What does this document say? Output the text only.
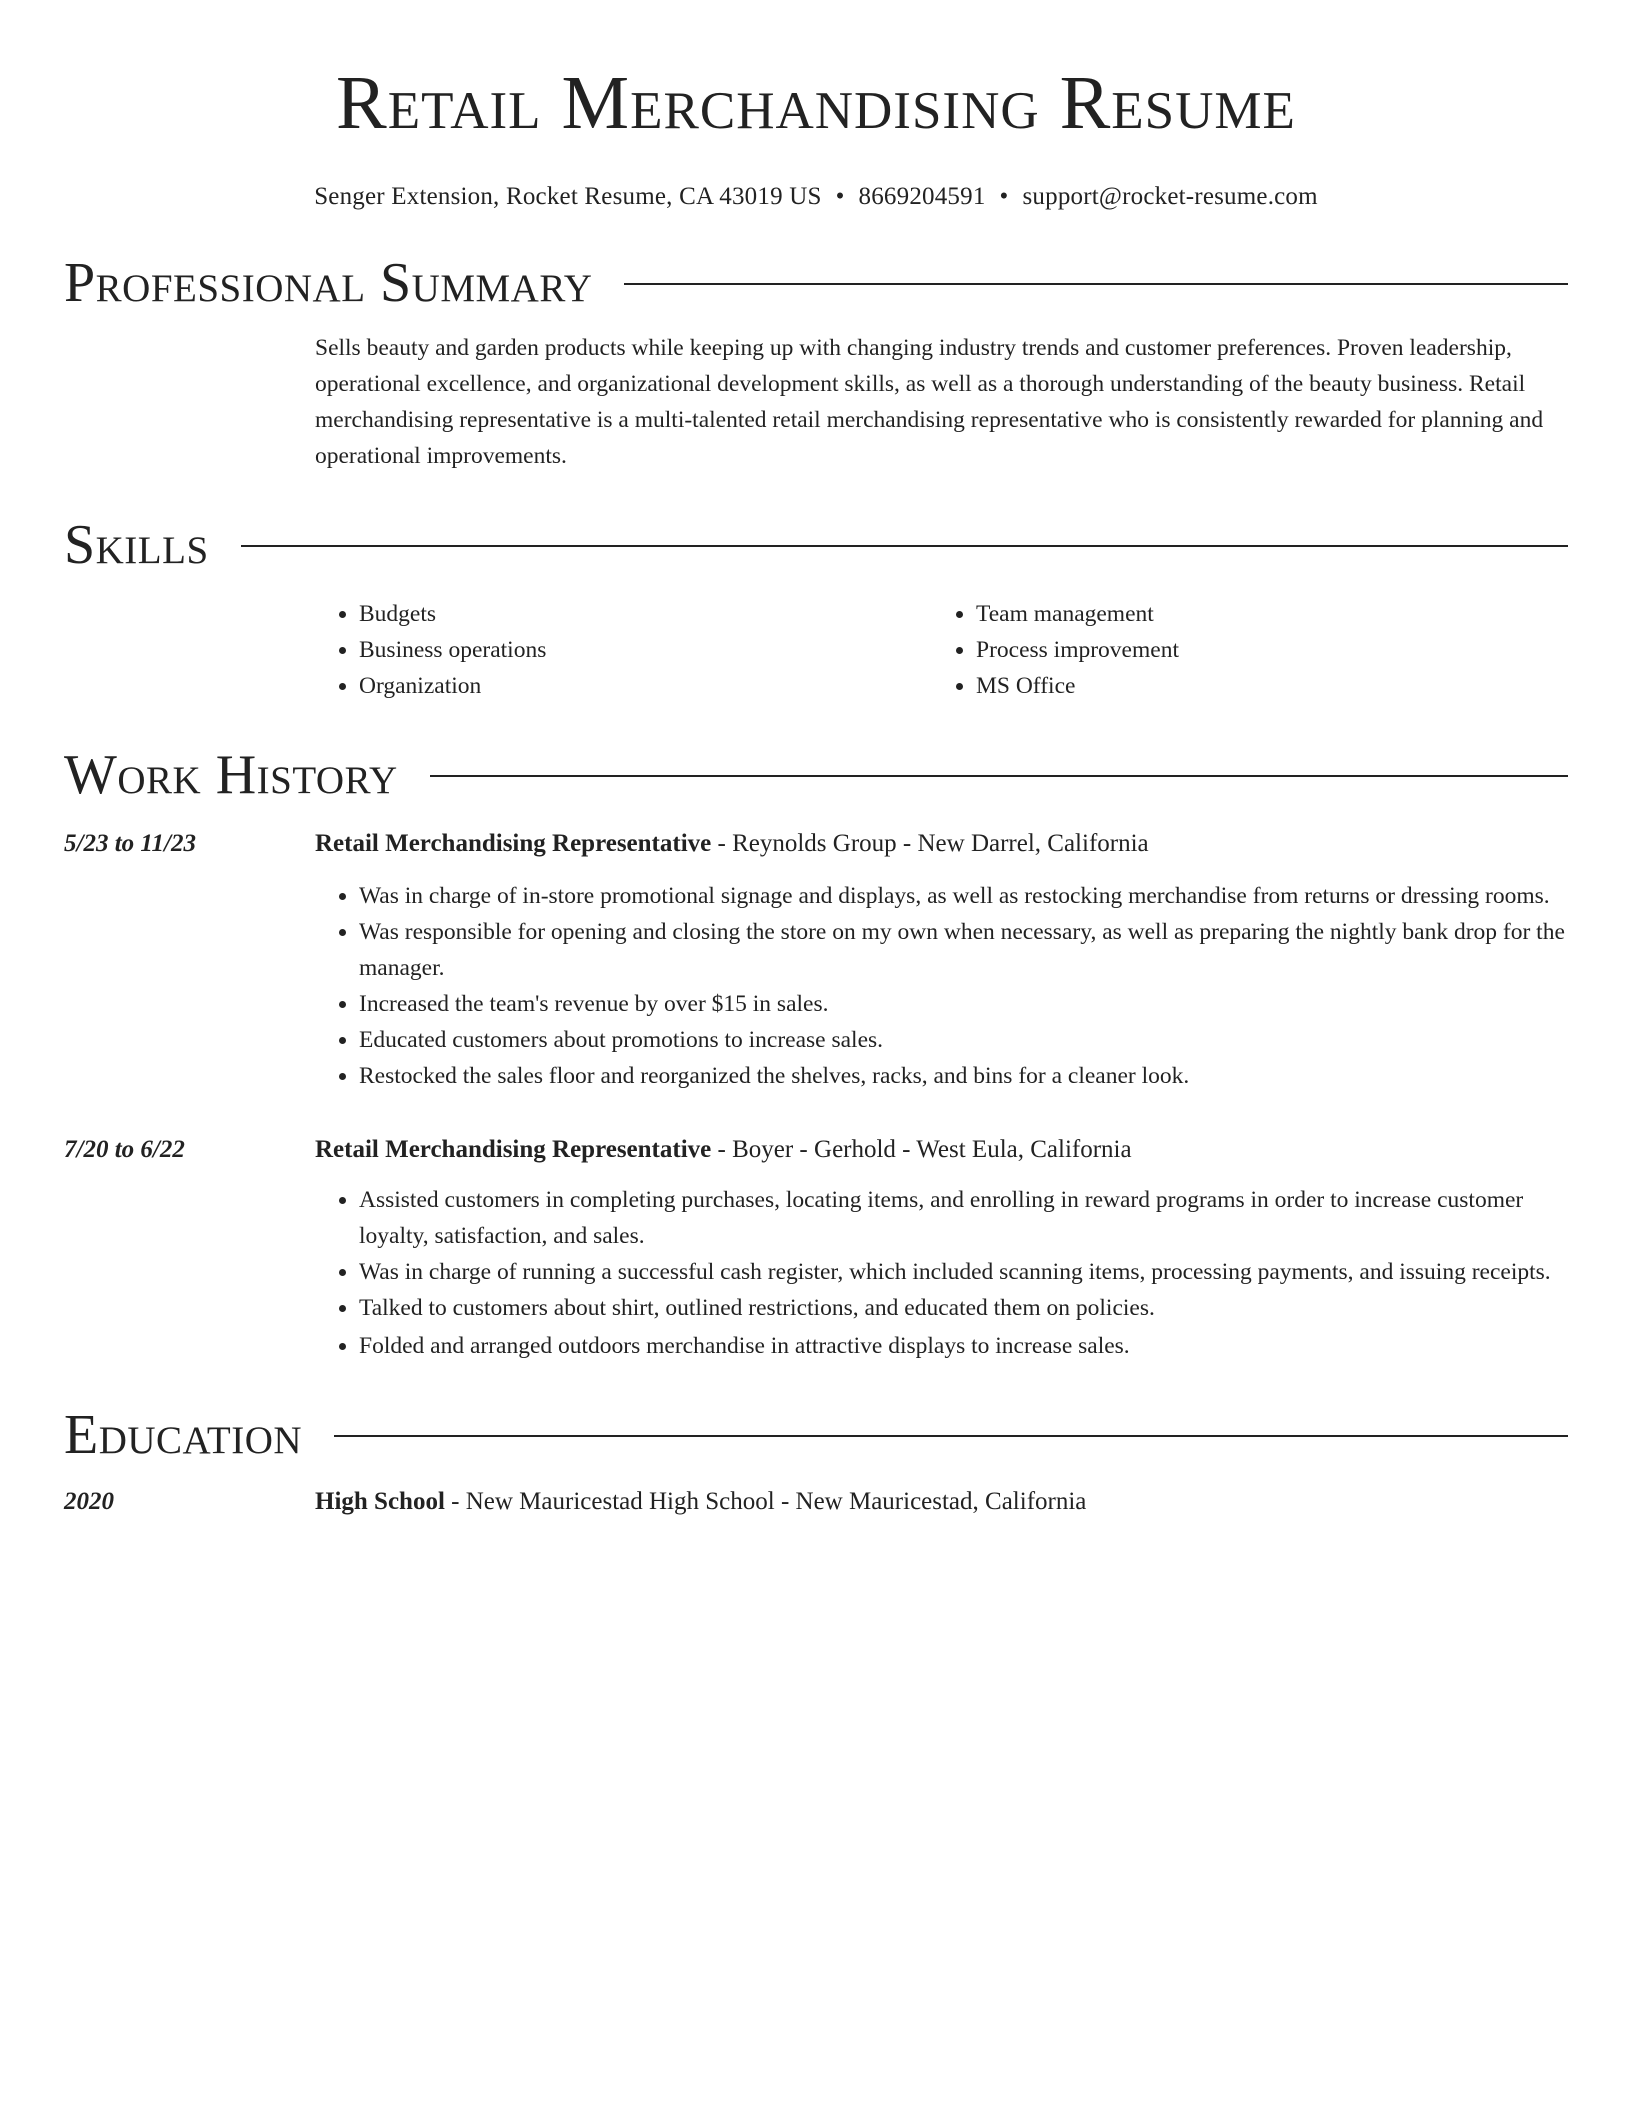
Retail Merchandising Resume
Senger Extension, Rocket Resume, CA 43019 US • 8669204591 • support@rocket-resume.com
Professional Summary
Sells beauty and garden products while keeping up with changing industry trends and customer preferences. Proven leadership, operational excellence, and organizational development skills, as well as a thorough understanding of the beauty business. Retail merchandising representative is a multi-talented retail merchandising representative who is consistently rewarded for planning and operational improvements.
Skills
• Budgets
• Business operations
• Organization
• Team management
• Process improvement
• MS Office
Work History
5/23 to 11/23	Retail Merchandising Representative - Reynolds Group - New Darrel, California
• Was in charge of in-store promotional signage and displays, as well as restocking merchandise from returns or dressing rooms.
• Was responsible for opening and closing the store on my own when necessary, as well as preparing the nightly bank drop for the manager.
• Increased the team's revenue by over $15 in sales.
• Educated customers about promotions to increase sales.
• Restocked the sales floor and reorganized the shelves, racks, and bins for a cleaner look.
7/20 to 6/22	Retail Merchandising Representative - Boyer - Gerhold - West Eula, California
• Assisted customers in completing purchases, locating items, and enrolling in reward programs in order to increase customer loyalty, satisfaction, and sales.
• Was in charge of running a successful cash register, which included scanning items, processing payments, and issuing receipts.
• Talked to customers about shirt, outlined restrictions, and educated them on policies.
• Folded and arranged outdoors merchandise in attractive displays to increase sales.
Education
2020	High School - New Mauricestad High School - New Mauricestad, California
